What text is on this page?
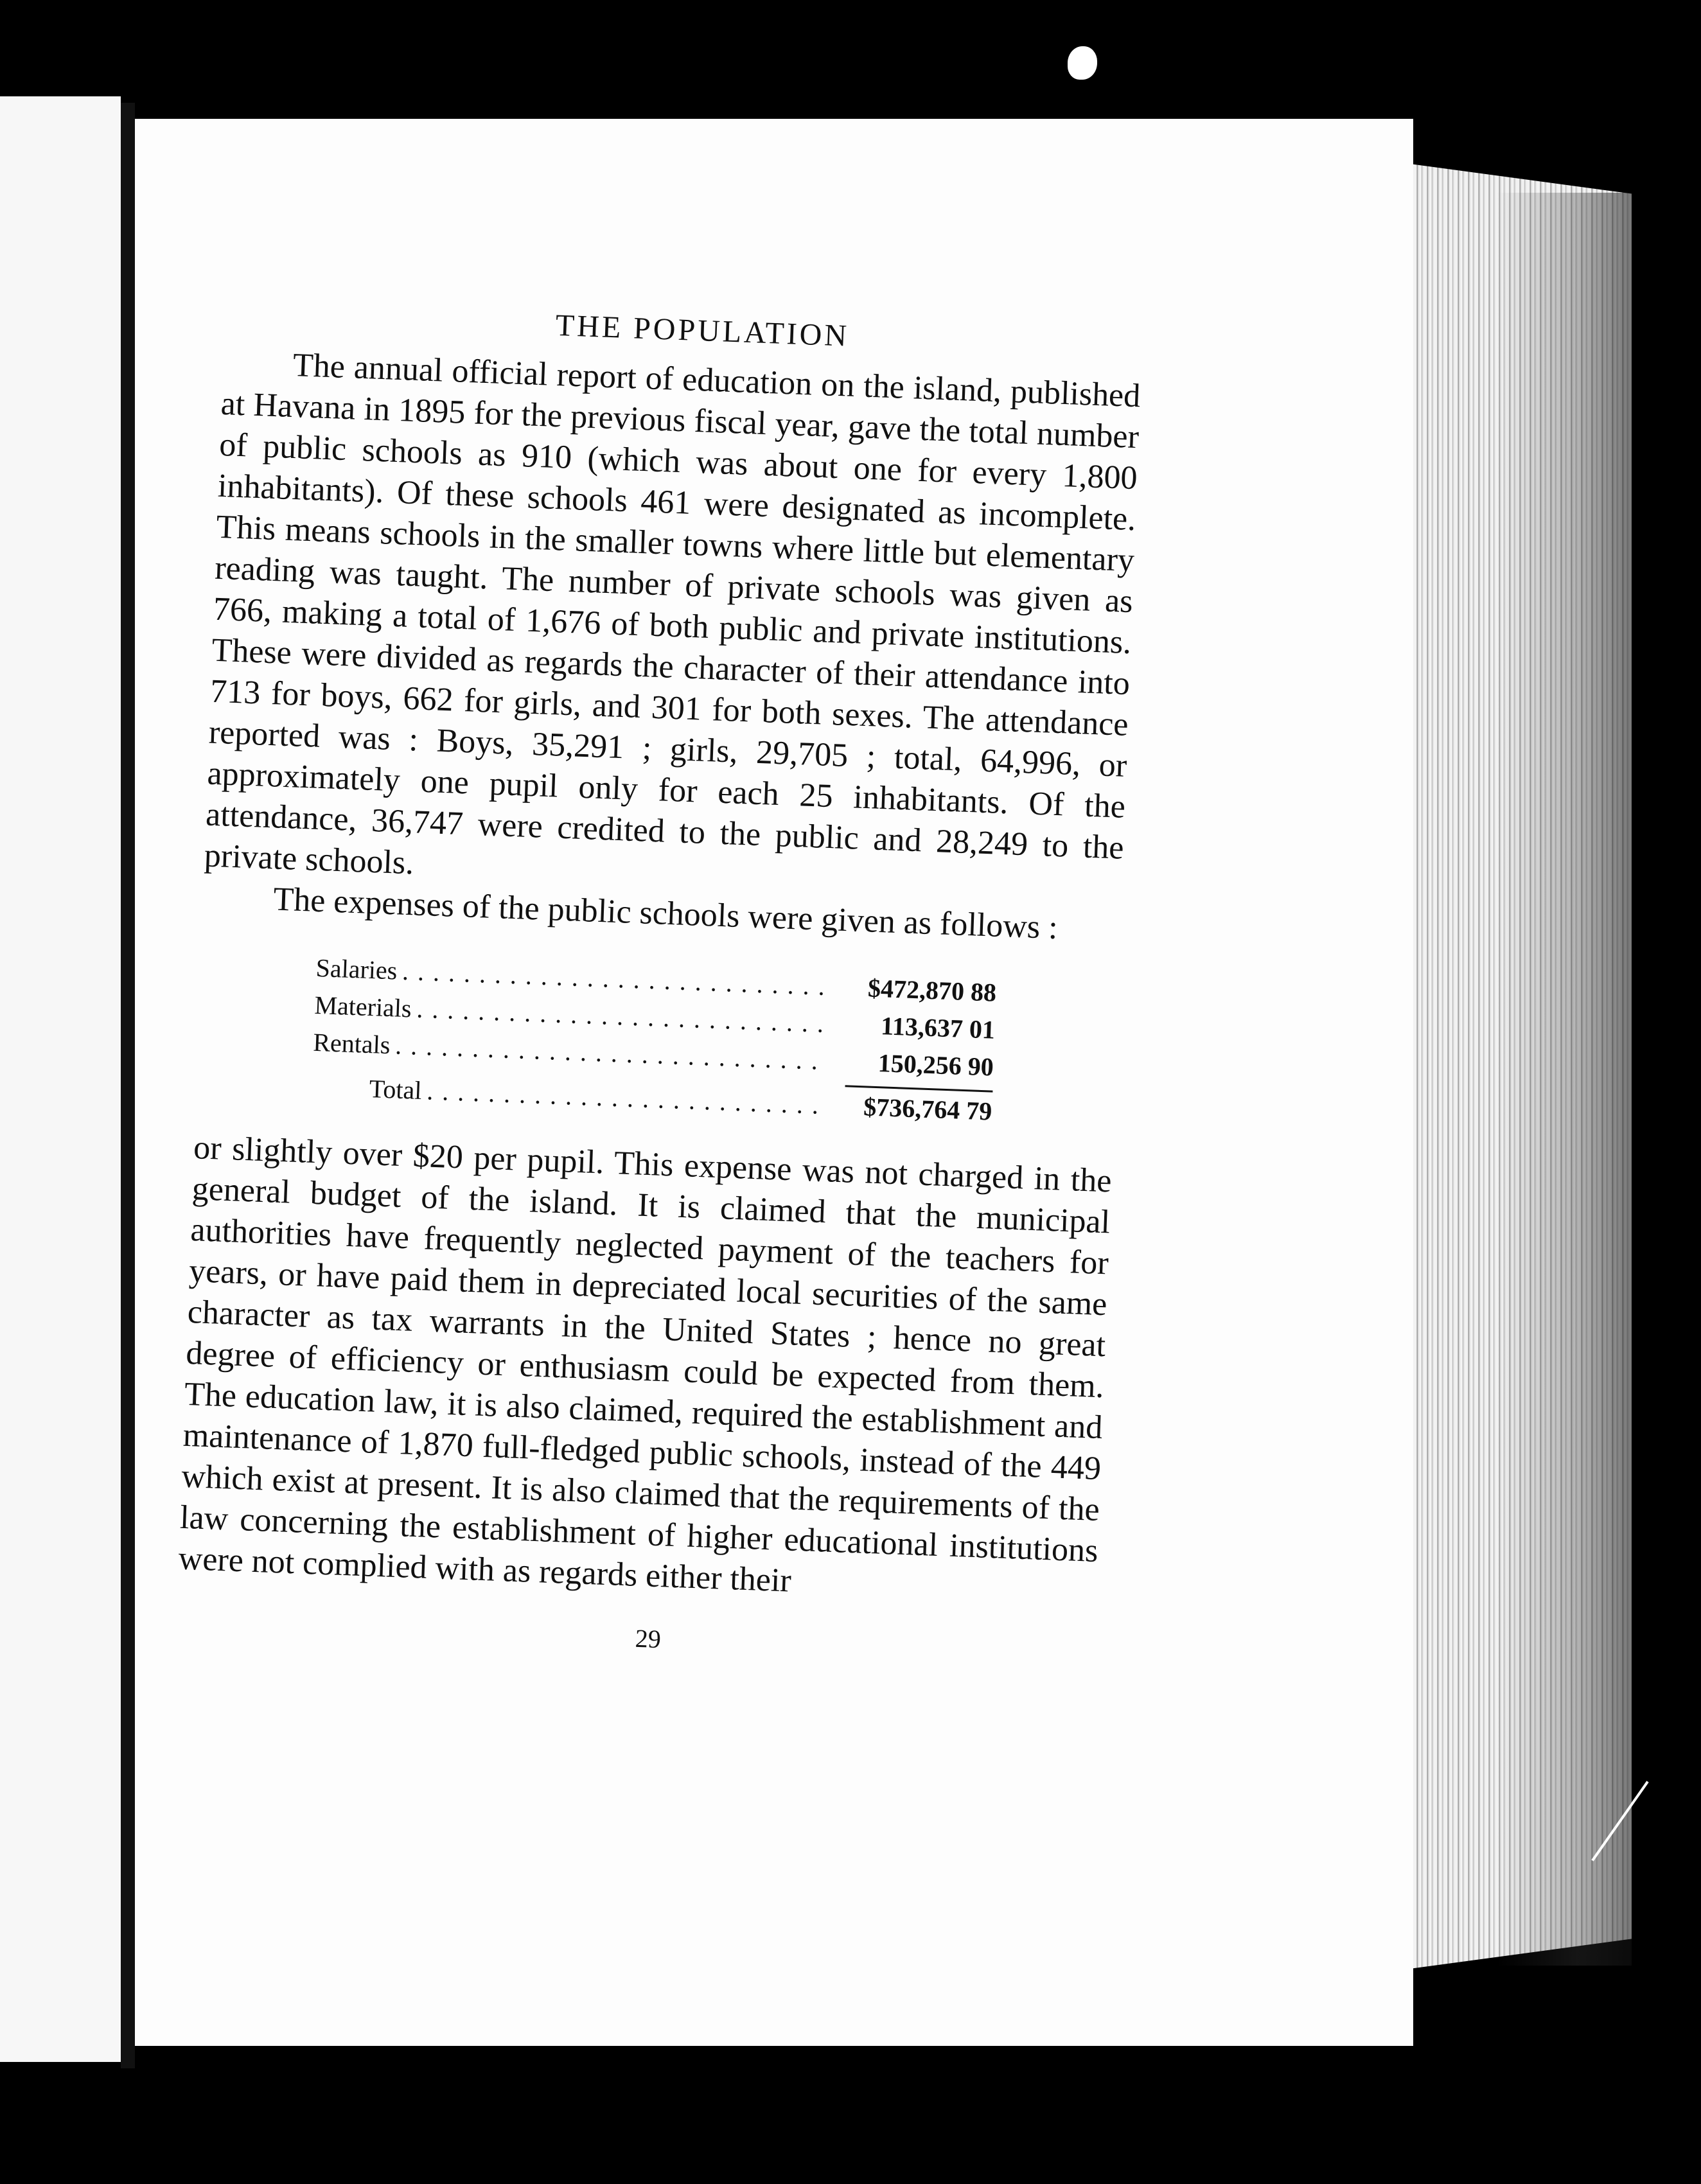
THE POPULATION

The annual official report of education on the island, published at Havana in 1895 for the previous fiscal year, gave the total number of public schools as 910 (which was about one for every 1,800 inhabitants). Of these schools 461 were designated as incomplete. This means schools in the smaller towns where little but elementary reading was taught. The number of private schools was given as 766, making a total of 1,676 of both public and private institutions. These were divided as regards the character of their attendance into 713 for boys, 662 for girls, and 301 for both sexes. The attendance reported was : Boys, 35,291 ; girls, 29,705 ; total, 64,996, or approximately one pupil only for each 25 inhabitants. Of the attendance, 36,747 were credited to the public and 28,249 to the private schools.

The expenses of the public schools were given as follows :

Salaries
. . .
$472,870 88
Materials
. . .
113,637 01
Rentals
. . .
150,256 90
Total
. . .
$736,764 79

or slightly over $20 per pupil. This expense was not charged in the general budget of the island. It is claimed that the municipal authorities have frequently neglected payment of the teachers for years, or have paid them in depreciated local securities of the same character as tax warrants in the United States ; hence no great degree of efficiency or enthusiasm could be expected from them. The education law, it is also claimed, required the establishment and maintenance of 1,870 full-fledged public schools, instead of the 449 which exist at present. It is also claimed that the requirements of the law concerning the establishment of higher educational institutions were not complied with as regards either their

29
